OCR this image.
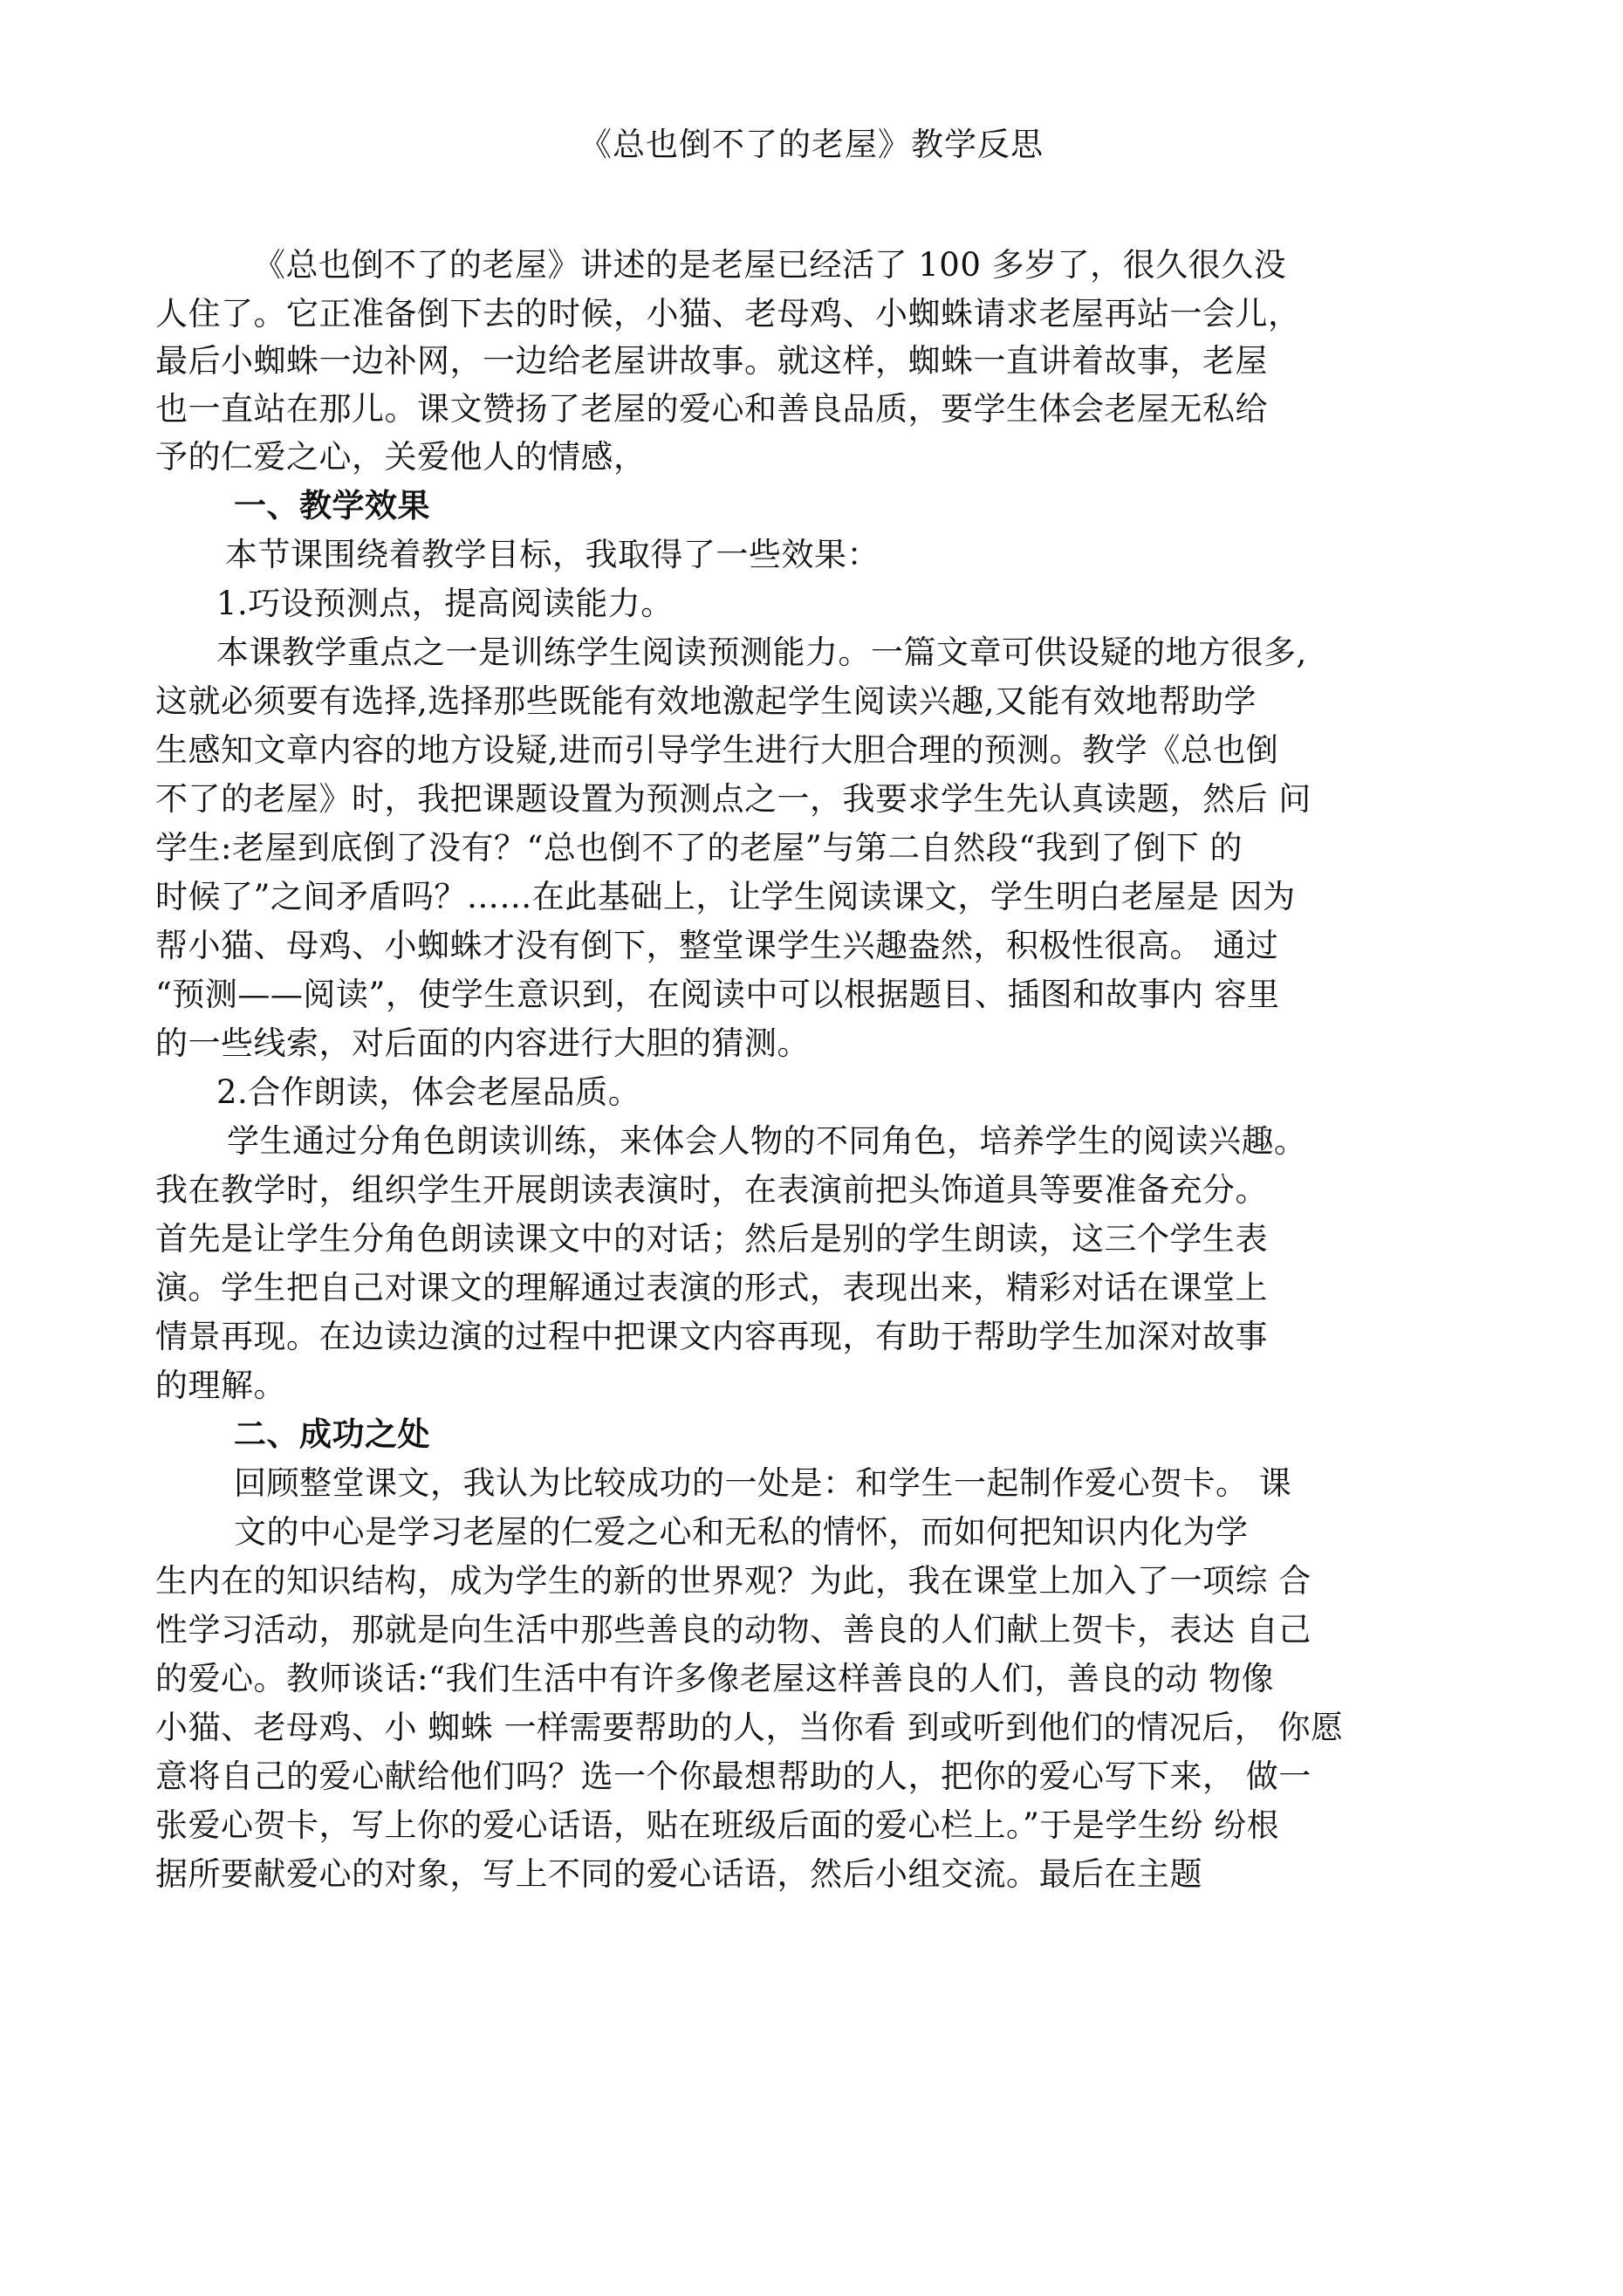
《总也倒不了的老屋》教学反思
《总也倒不了的老屋》讲述的是老屋已经活了 100 多岁了，很久很久没
人住了。它正准备倒下去的时候，小猫、老母鸡、小蜘蛛请求老屋再站一会儿，
最后小蜘蛛一边补网，一边给老屋讲故事。就这样，蜘蛛一直讲着故事，老屋
也一直站在那儿。课文赞扬了老屋的爱心和善良品质，要学生体会老屋无私给
予的仁爱之心，关爱他人的情感，
一、教学效果
本节课围绕着教学目标，我取得了一些效果：
1.巧设预测点，提高阅读能力。
本课教学重点之一是训练学生阅读预测能力。一篇文章可供设疑的地方很多,
这就必须要有选择,选择那些既能有效地激起学生阅读兴趣,又能有效地帮助学
生感知文章内容的地方设疑,进而引导学生进行大胆合理的预测。教学《总也倒
不了的老屋》时，我把课题设置为预测点之一，我要求学生先认真读题，然后 问
学生:老屋到底倒了没有？“总也倒不了的老屋”与第二自然段“我到了倒下 的
时候了”之间矛盾吗？……在此基础上，让学生阅读课文，学生明白老屋是 因为
帮小猫、母鸡、小蜘蛛才没有倒下，整堂课学生兴趣盎然，积极性很高。 通过
“预测——阅读”，使学生意识到，在阅读中可以根据题目、插图和故事内 容里
的一些线索，对后面的内容进行大胆的猜测。
2.合作朗读，体会老屋品质。
学生通过分角色朗读训练，来体会人物的不同角色，培养学生的阅读兴趣。
我在教学时，组织学生开展朗读表演时，在表演前把头饰道具等要准备充分。
首先是让学生分角色朗读课文中的对话；然后是别的学生朗读，这三个学生表
演。学生把自己对课文的理解通过表演的形式，表现出来，精彩对话在课堂上
情景再现。在边读边演的过程中把课文内容再现，有助于帮助学生加深对故事
的理解。
二、成功之处
回顾整堂课文，我认为比较成功的一处是：和学生一起制作爱心贺卡。 课
文的中心是学习老屋的仁爱之心和无私的情怀，而如何把知识内化为学
生内在的知识结构，成为学生的新的世界观？为此，我在课堂上加入了一项综 合
性学习活动，那就是向生活中那些善良的动物、善良的人们献上贺卡，表达 自己
的爱心。教师谈话:“我们生活中有许多像老屋这样善良的人们，善良的动 物像
小猫、老母鸡、小 蜘蛛 一样需要帮助的人，当你看 到或听到他们的情况后， 你愿
意将自己的爱心献给他们吗？选一个你最想帮助的人，把你的爱心写下来， 做一
张爱心贺卡，写上你的爱心话语，贴在班级后面的爱心栏上。”于是学生纷 纷根
据所要献爱心的对象，写上不同的爱心话语，然后小组交流。最后在主题
